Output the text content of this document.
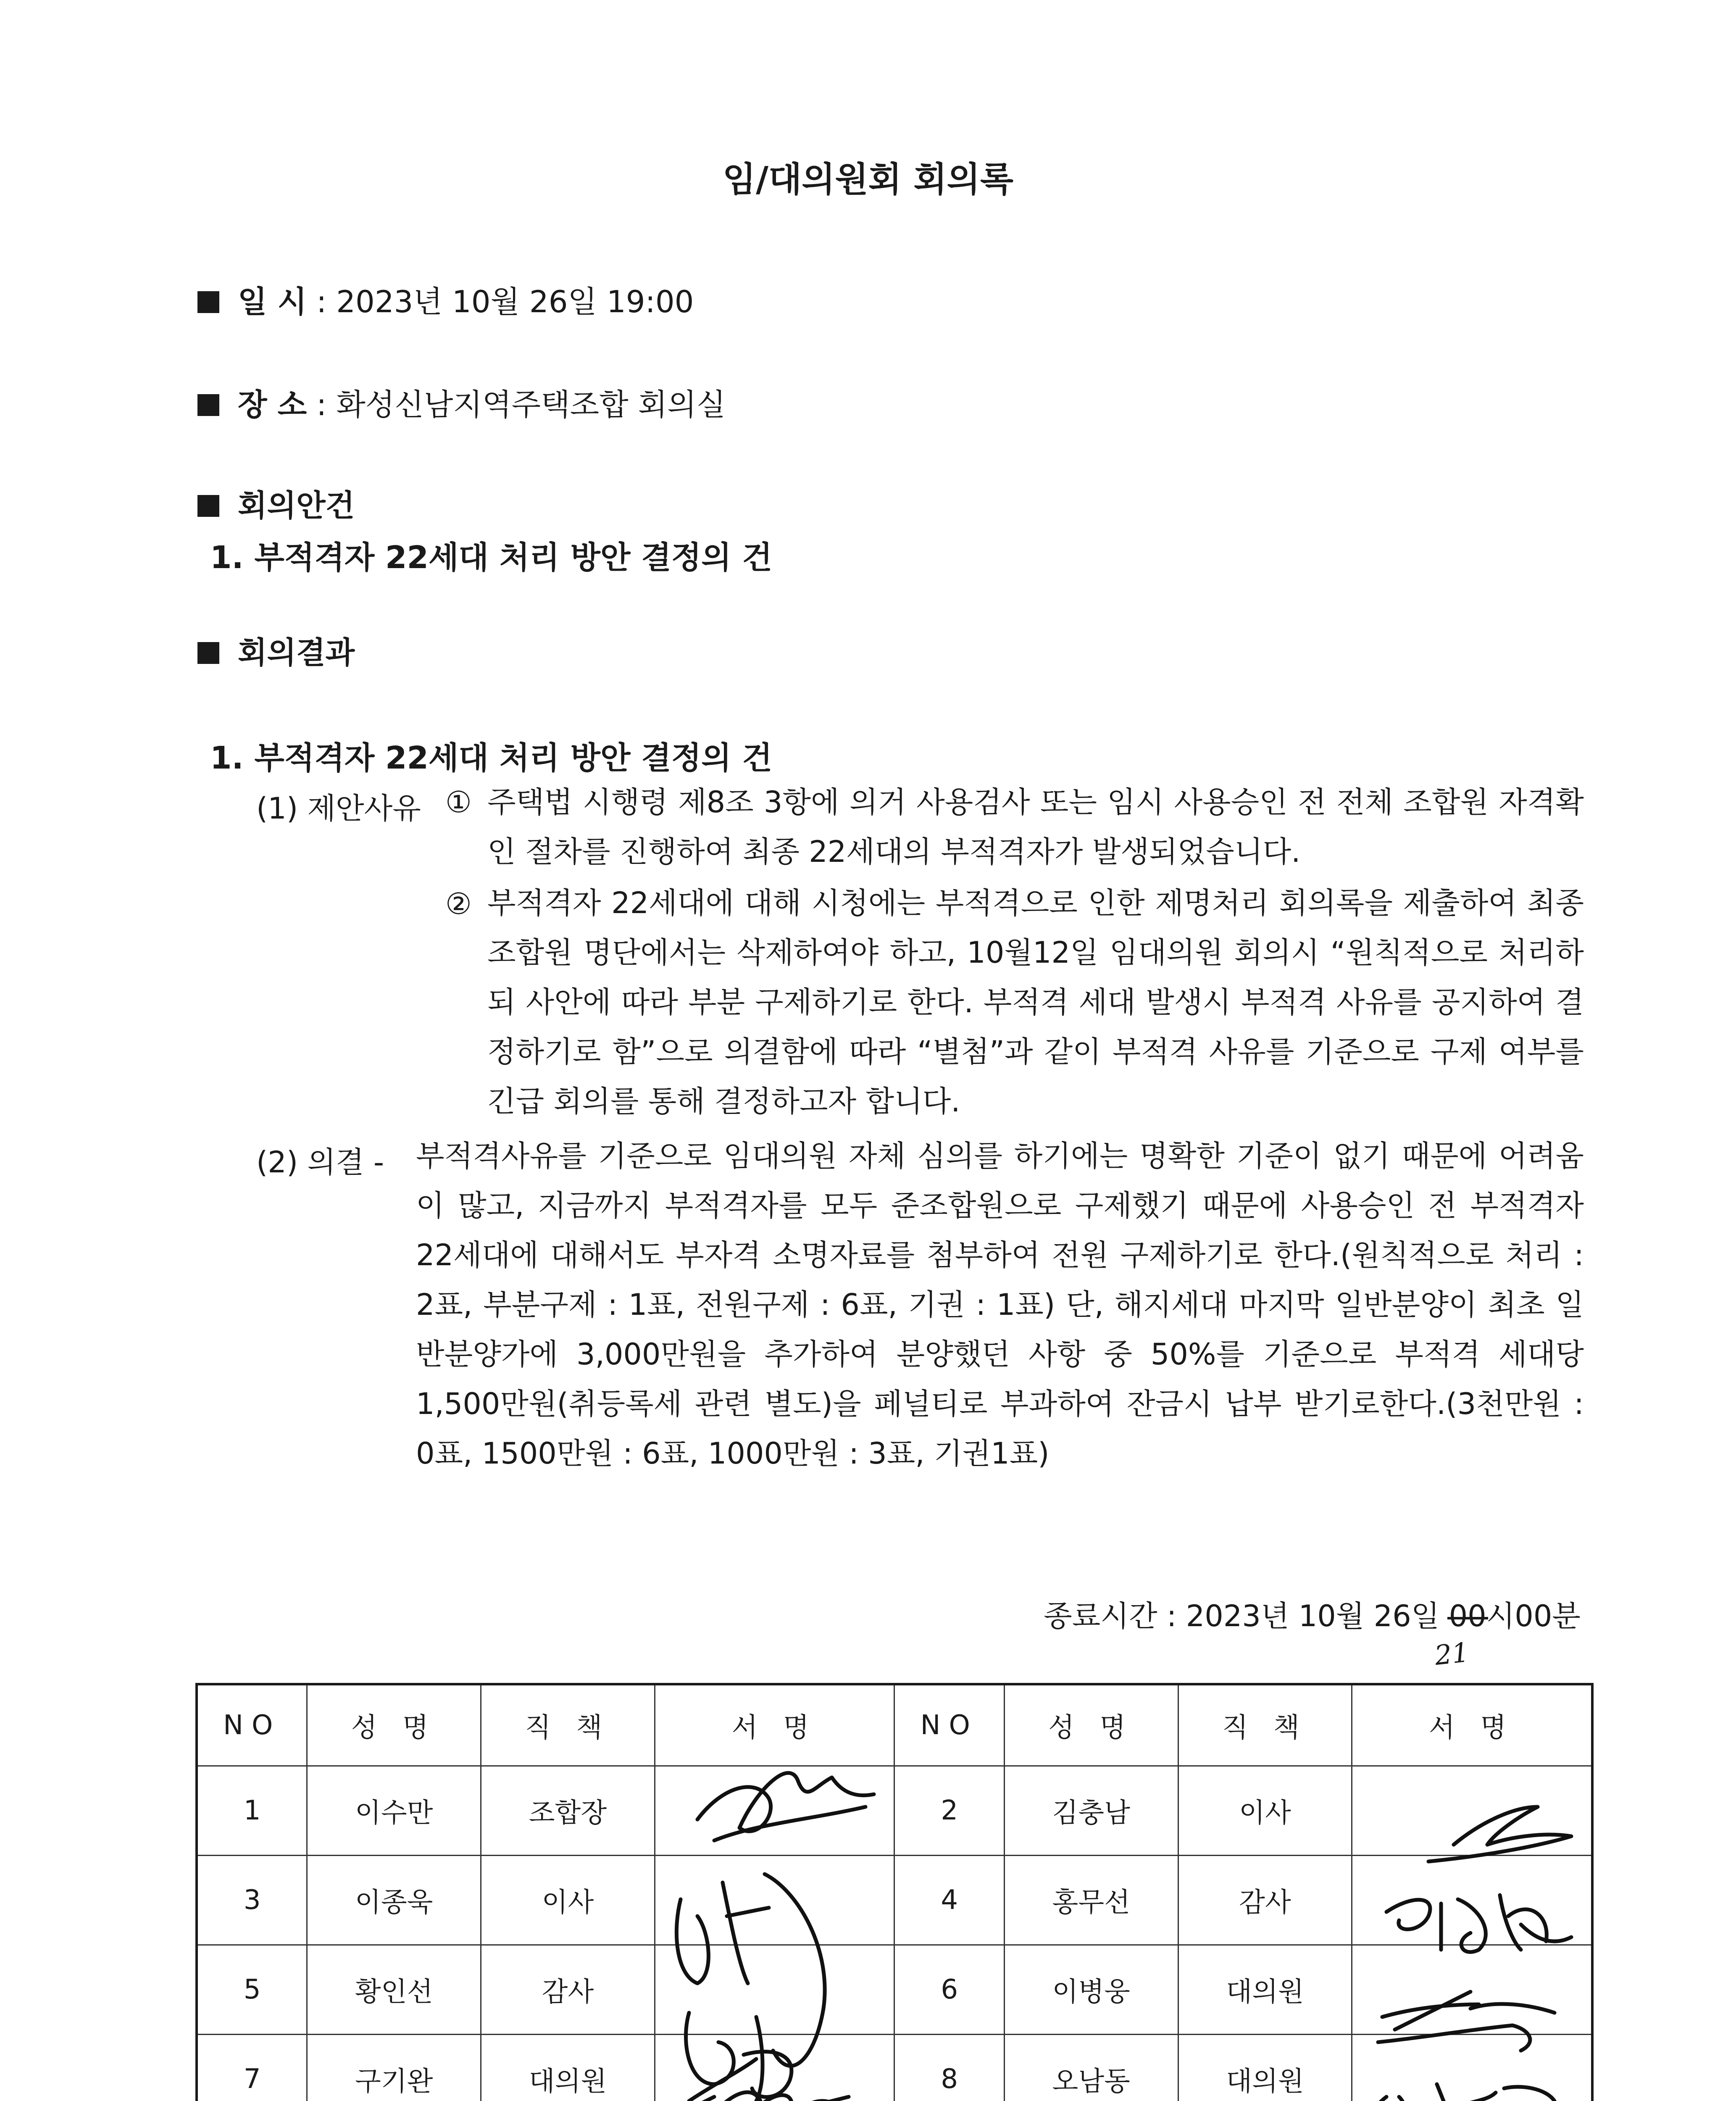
임/대의원회 회의록
일 시 : 2023년 10월 26일 19:00
장 소 : 화성신남지역주택조합 회의실
회의안건
1. 부적격자 22세대 처리 방안 결정의 건
회의결과
1. 부적격자 22세대 처리 방안 결정의 건
(1) 제안사유 ① 주택법 시행령 제8조 3항에 의거 사용검사 또는 임시 사용승인 전 전체 조합원 자격확인 절차를 진행하여 최종 22세대의 부적격자가 발생되었습니다.
② 부적격자 22세대에 대해 시청에는 부적격으로 인한 제명처리 회의록을 제출하여 최종 조합원 명단에서는 삭제하여야 하고, 10월12일 임대의원 회의시 “원칙적으로 처리하되 사안에 따라 부분 구제하기로 한다. 부적격 세대 발생시 부적격 사유를 공지하여 결정하기로 함”으로 의결함에 따라 “별첨”과 같이 부적격 사유를 기준으로 구제 여부를 긴급 회의를 통해 결정하고자 합니다.
(2) 의결 - 부적격사유를 기준으로 임대의원 자체 심의를 하기에는 명확한 기준이 없기 때문에 어려움이 많고, 지금까지 부적격자를 모두 준조합원으로 구제했기 때문에 사용승인 전 부적격자 22세대에 대해서도 부자격 소명자료를 첨부하여 전원 구제하기로 한다.(원칙적으로 처리 : 2표, 부분구제 : 1표, 전원구제 : 6표, 기권 : 1표) 단, 해지세대 마지막 일반분양이 최초 일반분양가에 3,000만원을 추가하여 분양했던 사항 중 50%를 기준으로 부적격 세대당 1,500만원(취등록세 관련 별도)을 페널티로 부과하여 잔금시 납부 받기로한다.(3천만원 : 0표, 1500만원 : 6표, 1000만원 : 3표, 기권1표)
종료시간 : 2023년 10월 26일 00시00분
21
NO	성 명	직 책	서 명	NO	성 명	직 책	서 명
1	이수만	조합장		2	김충남	이사	
3	이종욱	이사		4	홍무선	감사	
5	황인선	감사		6	이병웅	대의원	
7	구기완	대의원		8	오남동	대의원	
